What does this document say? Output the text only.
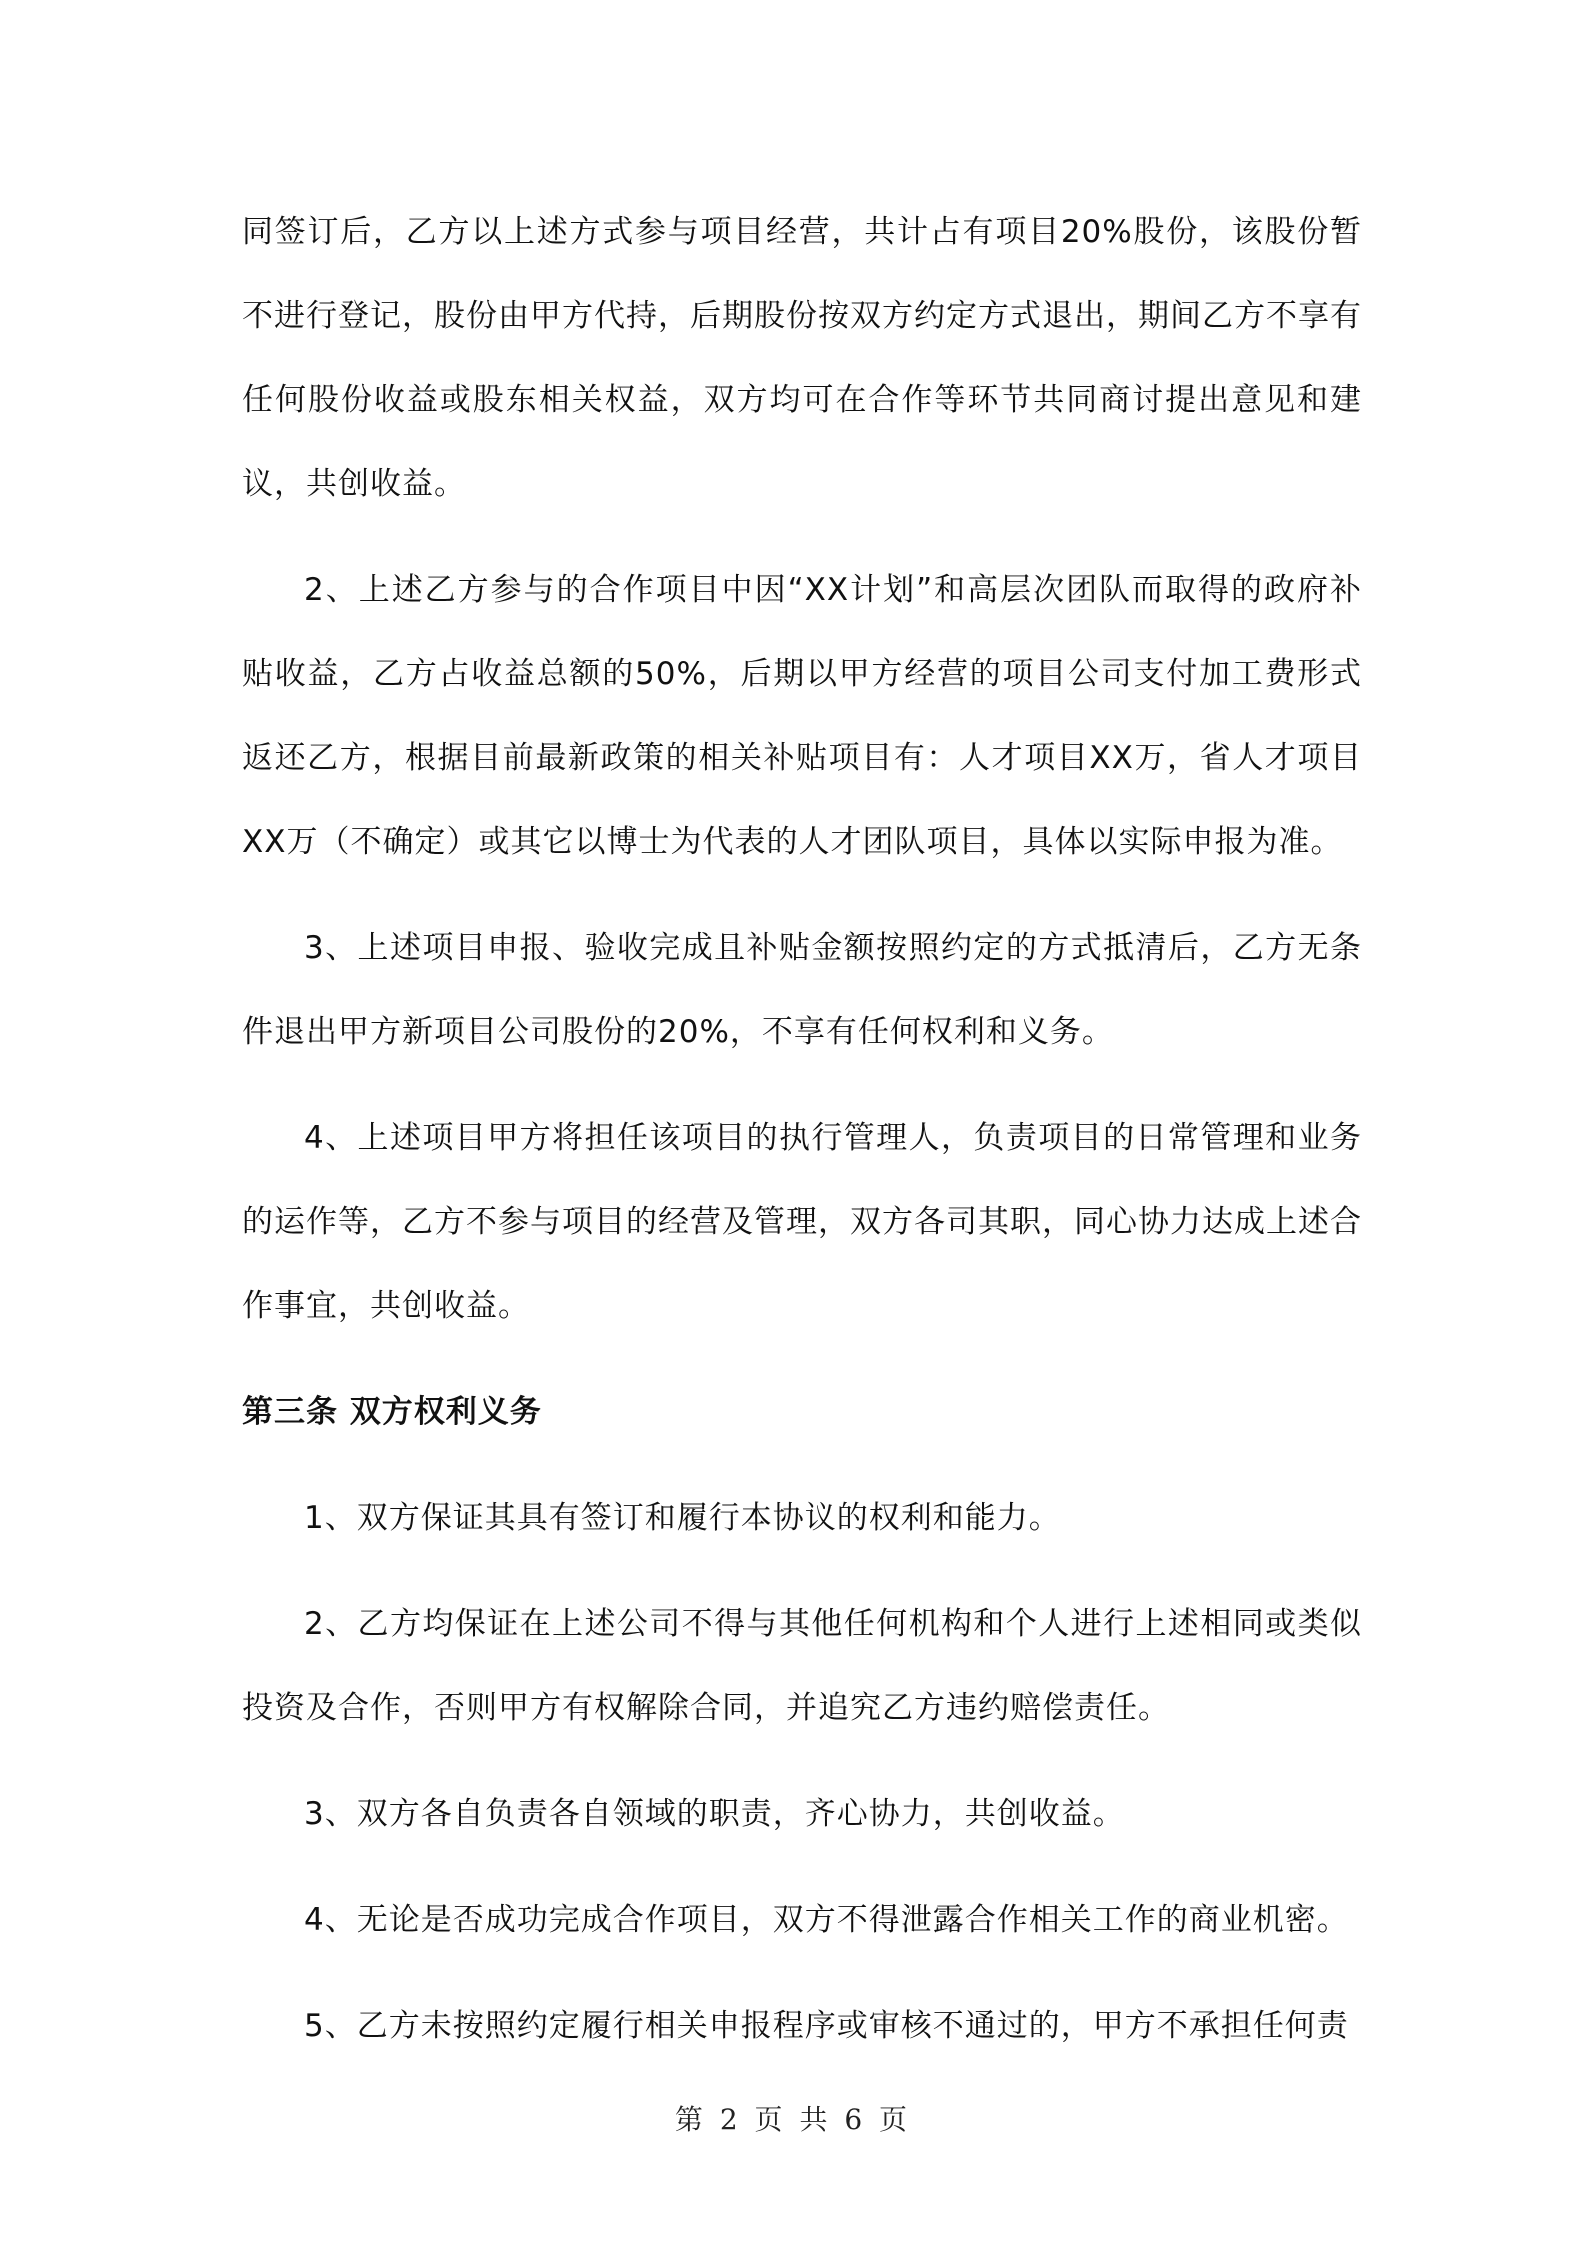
同签订后，乙方以上述方式参与项目经营，共计占有项目20%股份，该股份暂不进行登记，股份由甲方代持，后期股份按双方约定方式退出，期间乙方不享有任何股份收益或股东相关权益，双方均可在合作等环节共同商讨提出意见和建议，共创收益。

2、上述乙方参与的合作项目中因“XX计划”和高层次团队而取得的政府补贴收益，乙方占收益总额的50%，后期以甲方经营的项目公司支付加工费形式返还乙方，根据目前最新政策的相关补贴项目有：人才项目XX万，省人才项目XX万（不确定）或其它以博士为代表的人才团队项目，具体以实际申报为准。

3、上述项目申报、验收完成且补贴金额按照约定的方式抵清后，乙方无条件退出甲方新项目公司股份的20%，不享有任何权利和义务。

4、上述项目甲方将担任该项目的执行管理人，负责项目的日常管理和业务的运作等，乙方不参与项目的经营及管理，双方各司其职，同心协力达成上述合作事宜，共创收益。

第三条 双方权利义务

1、双方保证其具有签订和履行本协议的权利和能力。

2、乙方均保证在上述公司不得与其他任何机构和个人进行上述相同或类似投资及合作，否则甲方有权解除合同，并追究乙方违约赔偿责任。

3、双方各自负责各自领域的职责，齐心协力，共创收益。

4、无论是否成功完成合作项目，双方不得泄露合作相关工作的商业机密。

5、乙方未按照约定履行相关申报程序或审核不通过的，甲方不承担任何责

第 2 页 共 6 页
